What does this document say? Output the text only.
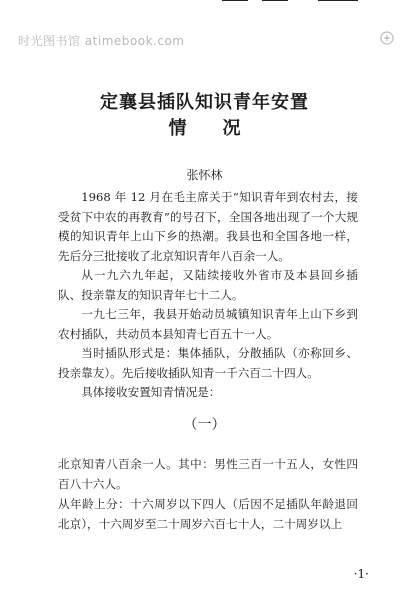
时光图书馆 atimebook.com
定襄县插队知识青年安置
情 况
张怀林
1968 年 12 月在毛主席关于“知识青年到农村去，接受贫下中农的再教育”的号召下，全国各地出现了一个大规模的知识青年上山下乡的热潮。我县也和全国各地一样，先后分三批接收了北京知识青年八百余一人。
从一九六九年起，又陆续接收外省市及本县回乡插队、投亲靠友的知识青年七十二人。
一九七三年，我县开始动员城镇知识青年上山下乡到农村插队，共动员本县知青七百五十一人。
当时插队形式是：集体插队，分散插队（亦称回乡、投亲靠友）。先后接收插队知青一千六百二十四人。
具体接收安置知青情况是：
（一）
北京知青八百余一人。其中：男性三百一十五人，女性四百八十六人。
从年龄上分：十六周岁以下四人（后因不足插队年龄退回北京），十六周岁至二十周岁六百七十人，二十周岁以上
·1·
